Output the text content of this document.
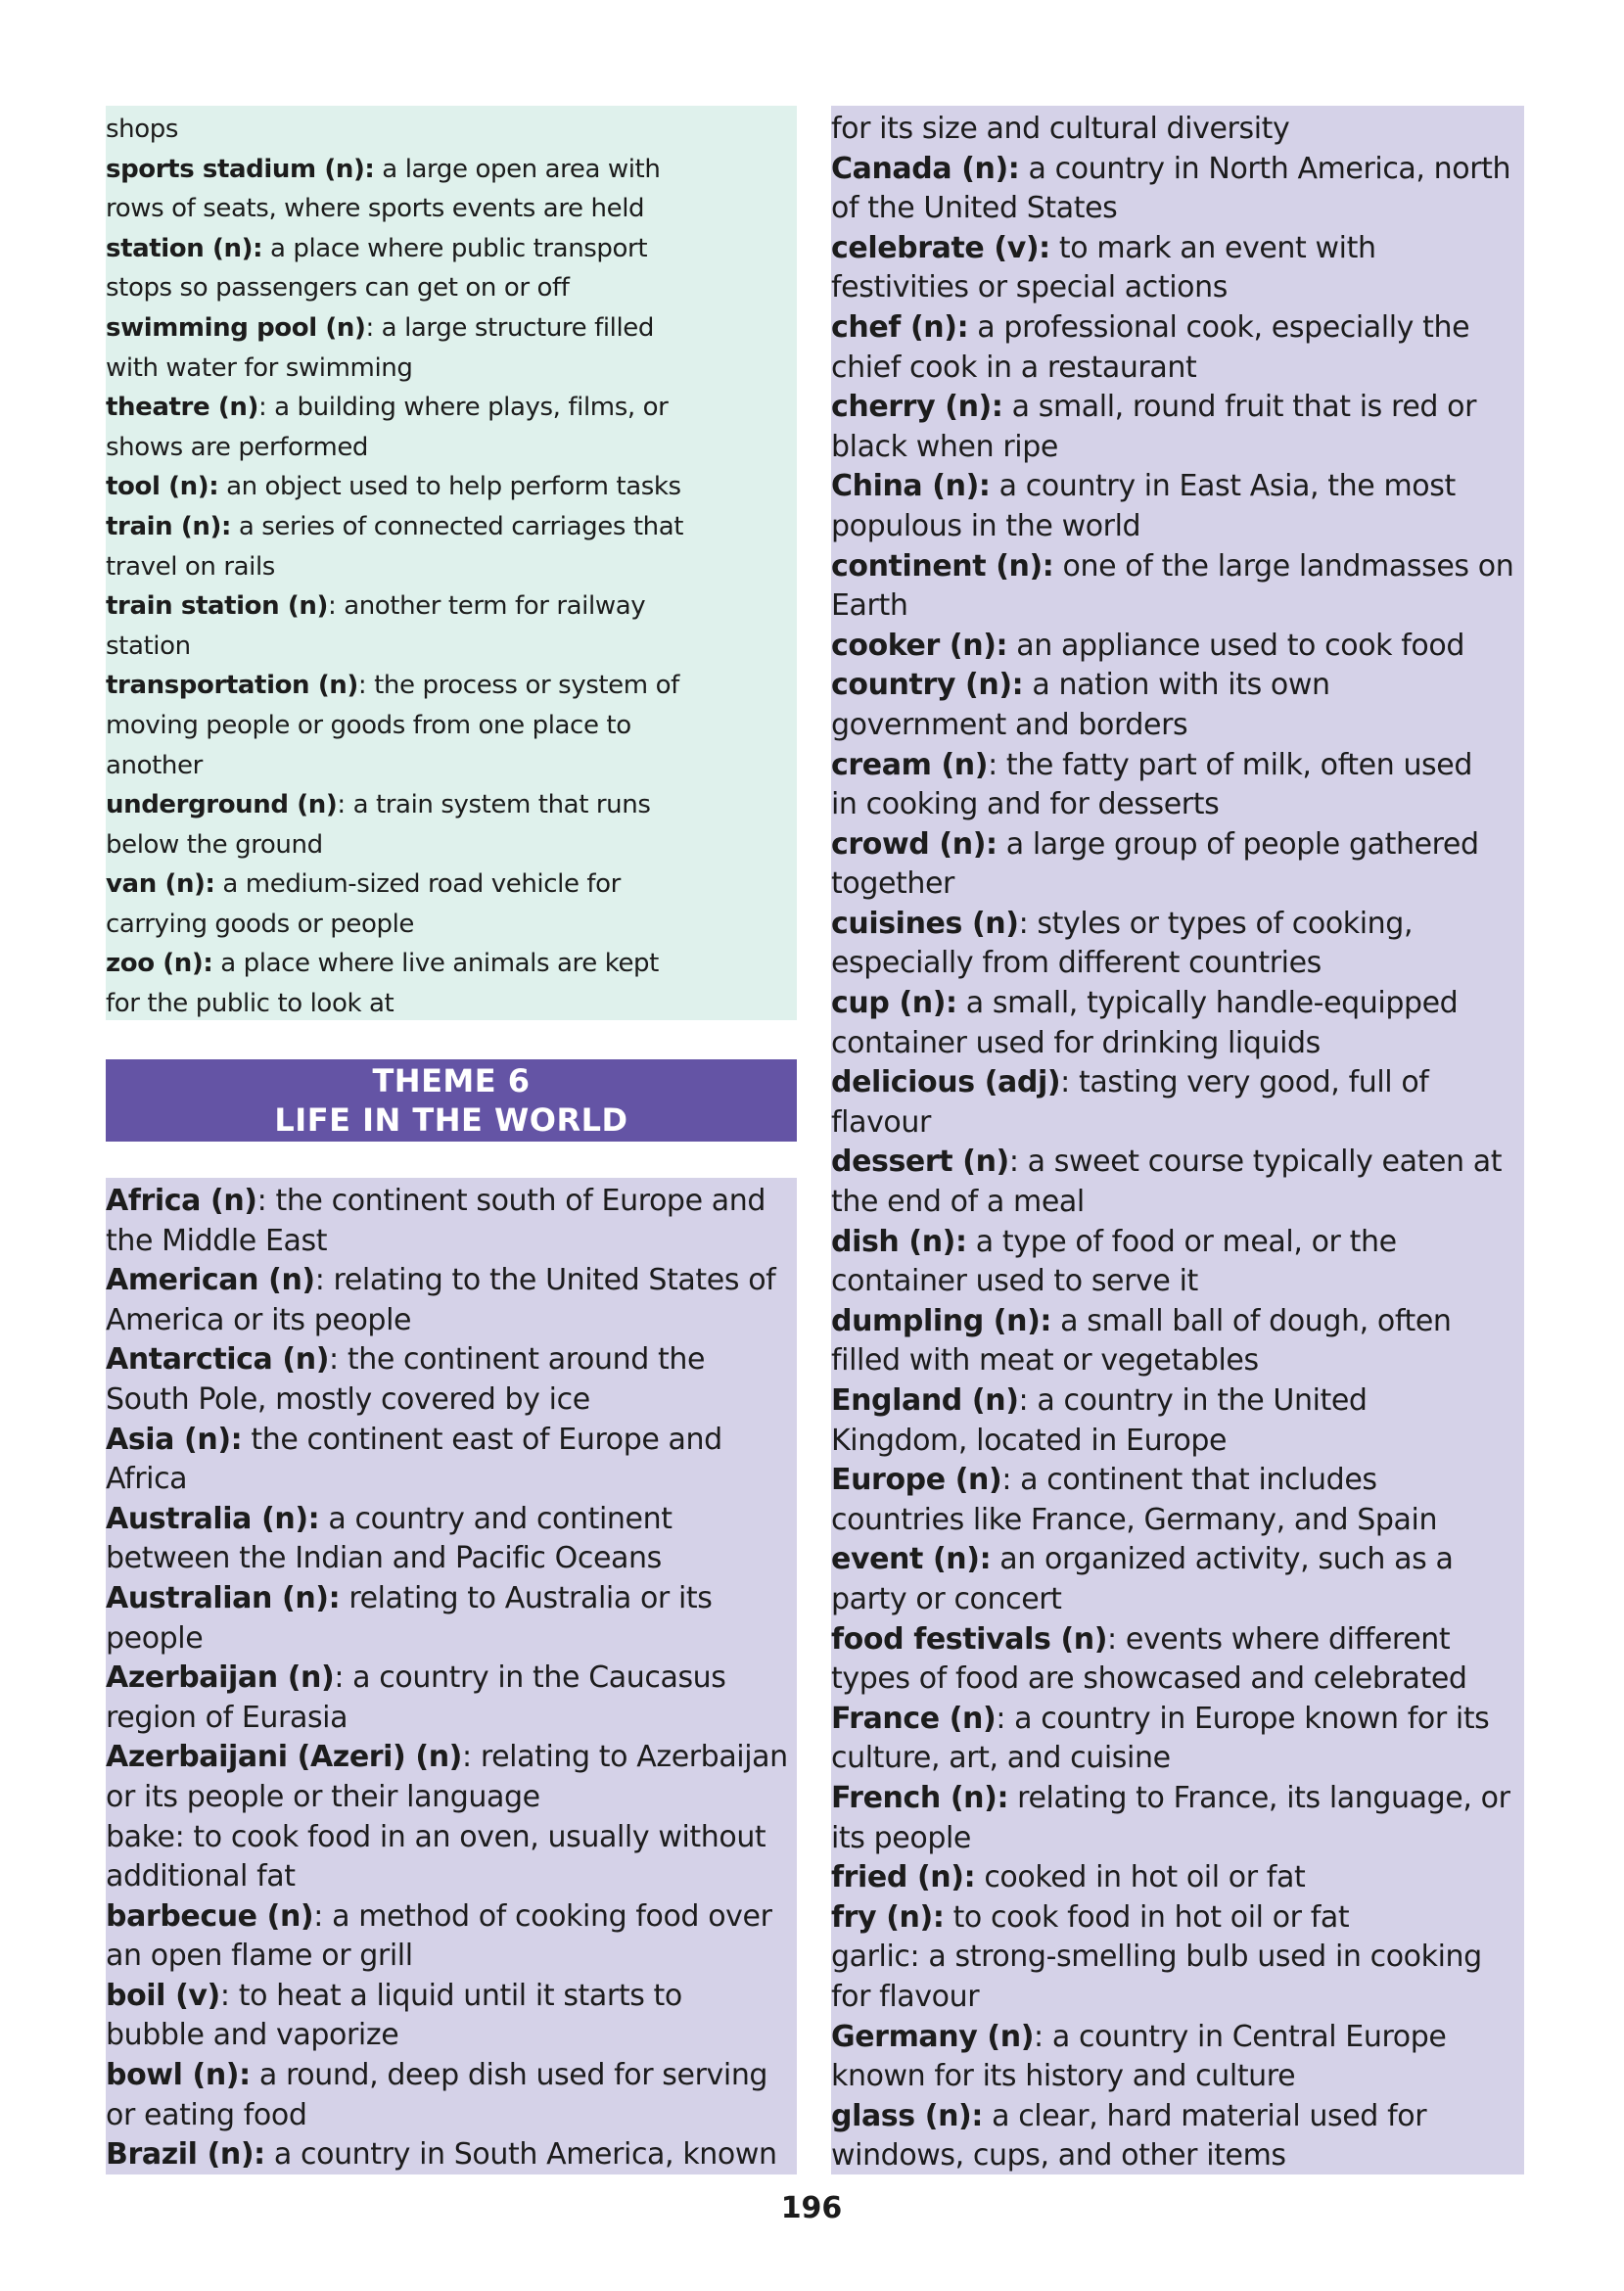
shops

sports stadium (n): a large open area with

rows of seats, where sports events are held

station (n): a place where public transport

stops so passengers can get on or off

swimming pool (n): a large structure filled

with water for swimming

theatre (n): a building where plays, films, or

shows are performed

tool (n): an object used to help perform tasks

train (n): a series of connected carriages that

travel on rails

train station (n): another term for railway

station

transportation (n): the process or system of

moving people or goods from one place to

another

underground (n): a train system that runs

below the ground

van (n): a medium-sized road vehicle for

carrying goods or people

zoo (n): a place where live animals are kept

for the public to look at

THEME 6
LIFE IN THE WORLD

Africa (n): the continent south of Europe and

the Middle East

American (n): relating to the United States of

America or its people

Antarctica (n): the continent around the

South Pole, mostly covered by ice

Asia (n): the continent east of Europe and

Africa

Australia (n): a country and continent

between the Indian and Pacific Oceans

Australian (n): relating to Australia or its

people

Azerbaijan (n): a country in the Caucasus

region of Eurasia

Azerbaijani (Azeri) (n): relating to Azerbaijan

or its people or their language

bake: to cook food in an oven, usually without

additional fat

barbecue (n): a method of cooking food over

an open flame or grill

boil (v): to heat a liquid until it starts to

bubble and vaporize

bowl (n): a round, deep dish used for serving

or eating food

Brazil (n): a country in South America, known

for its size and cultural diversity

Canada (n): a country in North America, north

of the United States

celebrate (v): to mark an event with

festivities or special actions

chef (n): a professional cook, especially the

chief cook in a restaurant

cherry (n): a small, round fruit that is red or

black when ripe

China (n): a country in East Asia, the most

populous in the world

continent (n): one of the large landmasses on

Earth

cooker (n): an appliance used to cook food

country (n): a nation with its own

government and borders

cream (n): the fatty part of milk, often used

in cooking and for desserts

crowd (n): a large group of people gathered

together

cuisines (n): styles or types of cooking,

especially from different countries

cup (n): a small, typically handle-equipped

container used for drinking liquids

delicious (adj): tasting very good, full of

flavour

dessert (n): a sweet course typically eaten at

the end of a meal

dish (n): a type of food or meal, or the

container used to serve it

dumpling (n): a small ball of dough, often

filled with meat or vegetables

England (n): a country in the United

Kingdom, located in Europe

Europe (n): a continent that includes

countries like France, Germany, and Spain

event (n): an organized activity, such as a

party or concert

food festivals (n): events where different

types of food are showcased and celebrated

France (n): a country in Europe known for its

culture, art, and cuisine

French (n): relating to France, its language, or

its people

fried (n): cooked in hot oil or fat

fry (n): to cook food in hot oil or fat

garlic: a strong-smelling bulb used in cooking

for flavour

Germany (n): a country in Central Europe

known for its history and culture

glass (n): a clear, hard material used for

windows, cups, and other items

196
